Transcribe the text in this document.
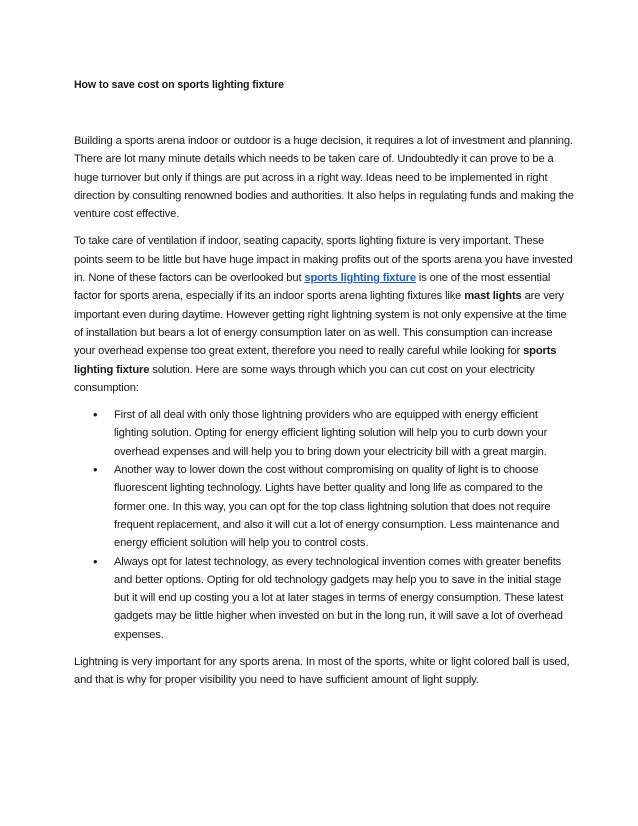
How to save cost on sports lighting fixture

Building a sports arena indoor or outdoor is a huge decision, it requires a lot of investment and planning. There are lot many minute details which needs to be taken care of. Undoubtedly it can prove to be a huge turnover but only if things are put across in a right way. Ideas need to be implemented in right direction by consulting renowned bodies and authorities. It also helps in regulating funds and making the venture cost effective.

To take care of ventilation if indoor, seating capacity, sports lighting fixture is very important. These points seem to be little but have huge impact in making profits out of the sports arena you have invested in. None of these factors can be overlooked but sports lighting fixture is one of the most essential factor for sports arena, especially if its an indoor sports arena lighting fixtures like mast lights are very important even during daytime. However getting right lightning system is not only expensive at the time of installation but bears a lot of energy consumption later on as well. This consumption can increase your overhead expense too great extent, therefore you need to really careful while looking for sports lighting fixture solution. Here are some ways through which you can cut cost on your electricity consumption:

• First of all deal with only those lightning providers who are equipped with energy efficient lighting solution. Opting for energy efficient lighting solution will help you to curb down your overhead expenses and will help you to bring down your electricity bill with a great margin.
• Another way to lower down the cost without compromising on quality of light is to choose fluorescent lighting technology. Lights have better quality and long life as compared to the former one. In this way, you can opt for the top class lightning solution that does not require frequent replacement, and also it will cut a lot of energy consumption. Less maintenance and energy efficient solution will help you to control costs.
• Always opt for latest technology, as every technological invention comes with greater benefits and better options. Opting for old technology gadgets may help you to save in the initial stage but it will end up costing you a lot at later stages in terms of energy consumption. These latest gadgets may be little higher when invested on but in the long run, it will save a lot of overhead expenses.

Lightning is very important for any sports arena. In most of the sports, white or light colored ball is used, and that is why for proper visibility you need to have sufficient amount of light supply.
